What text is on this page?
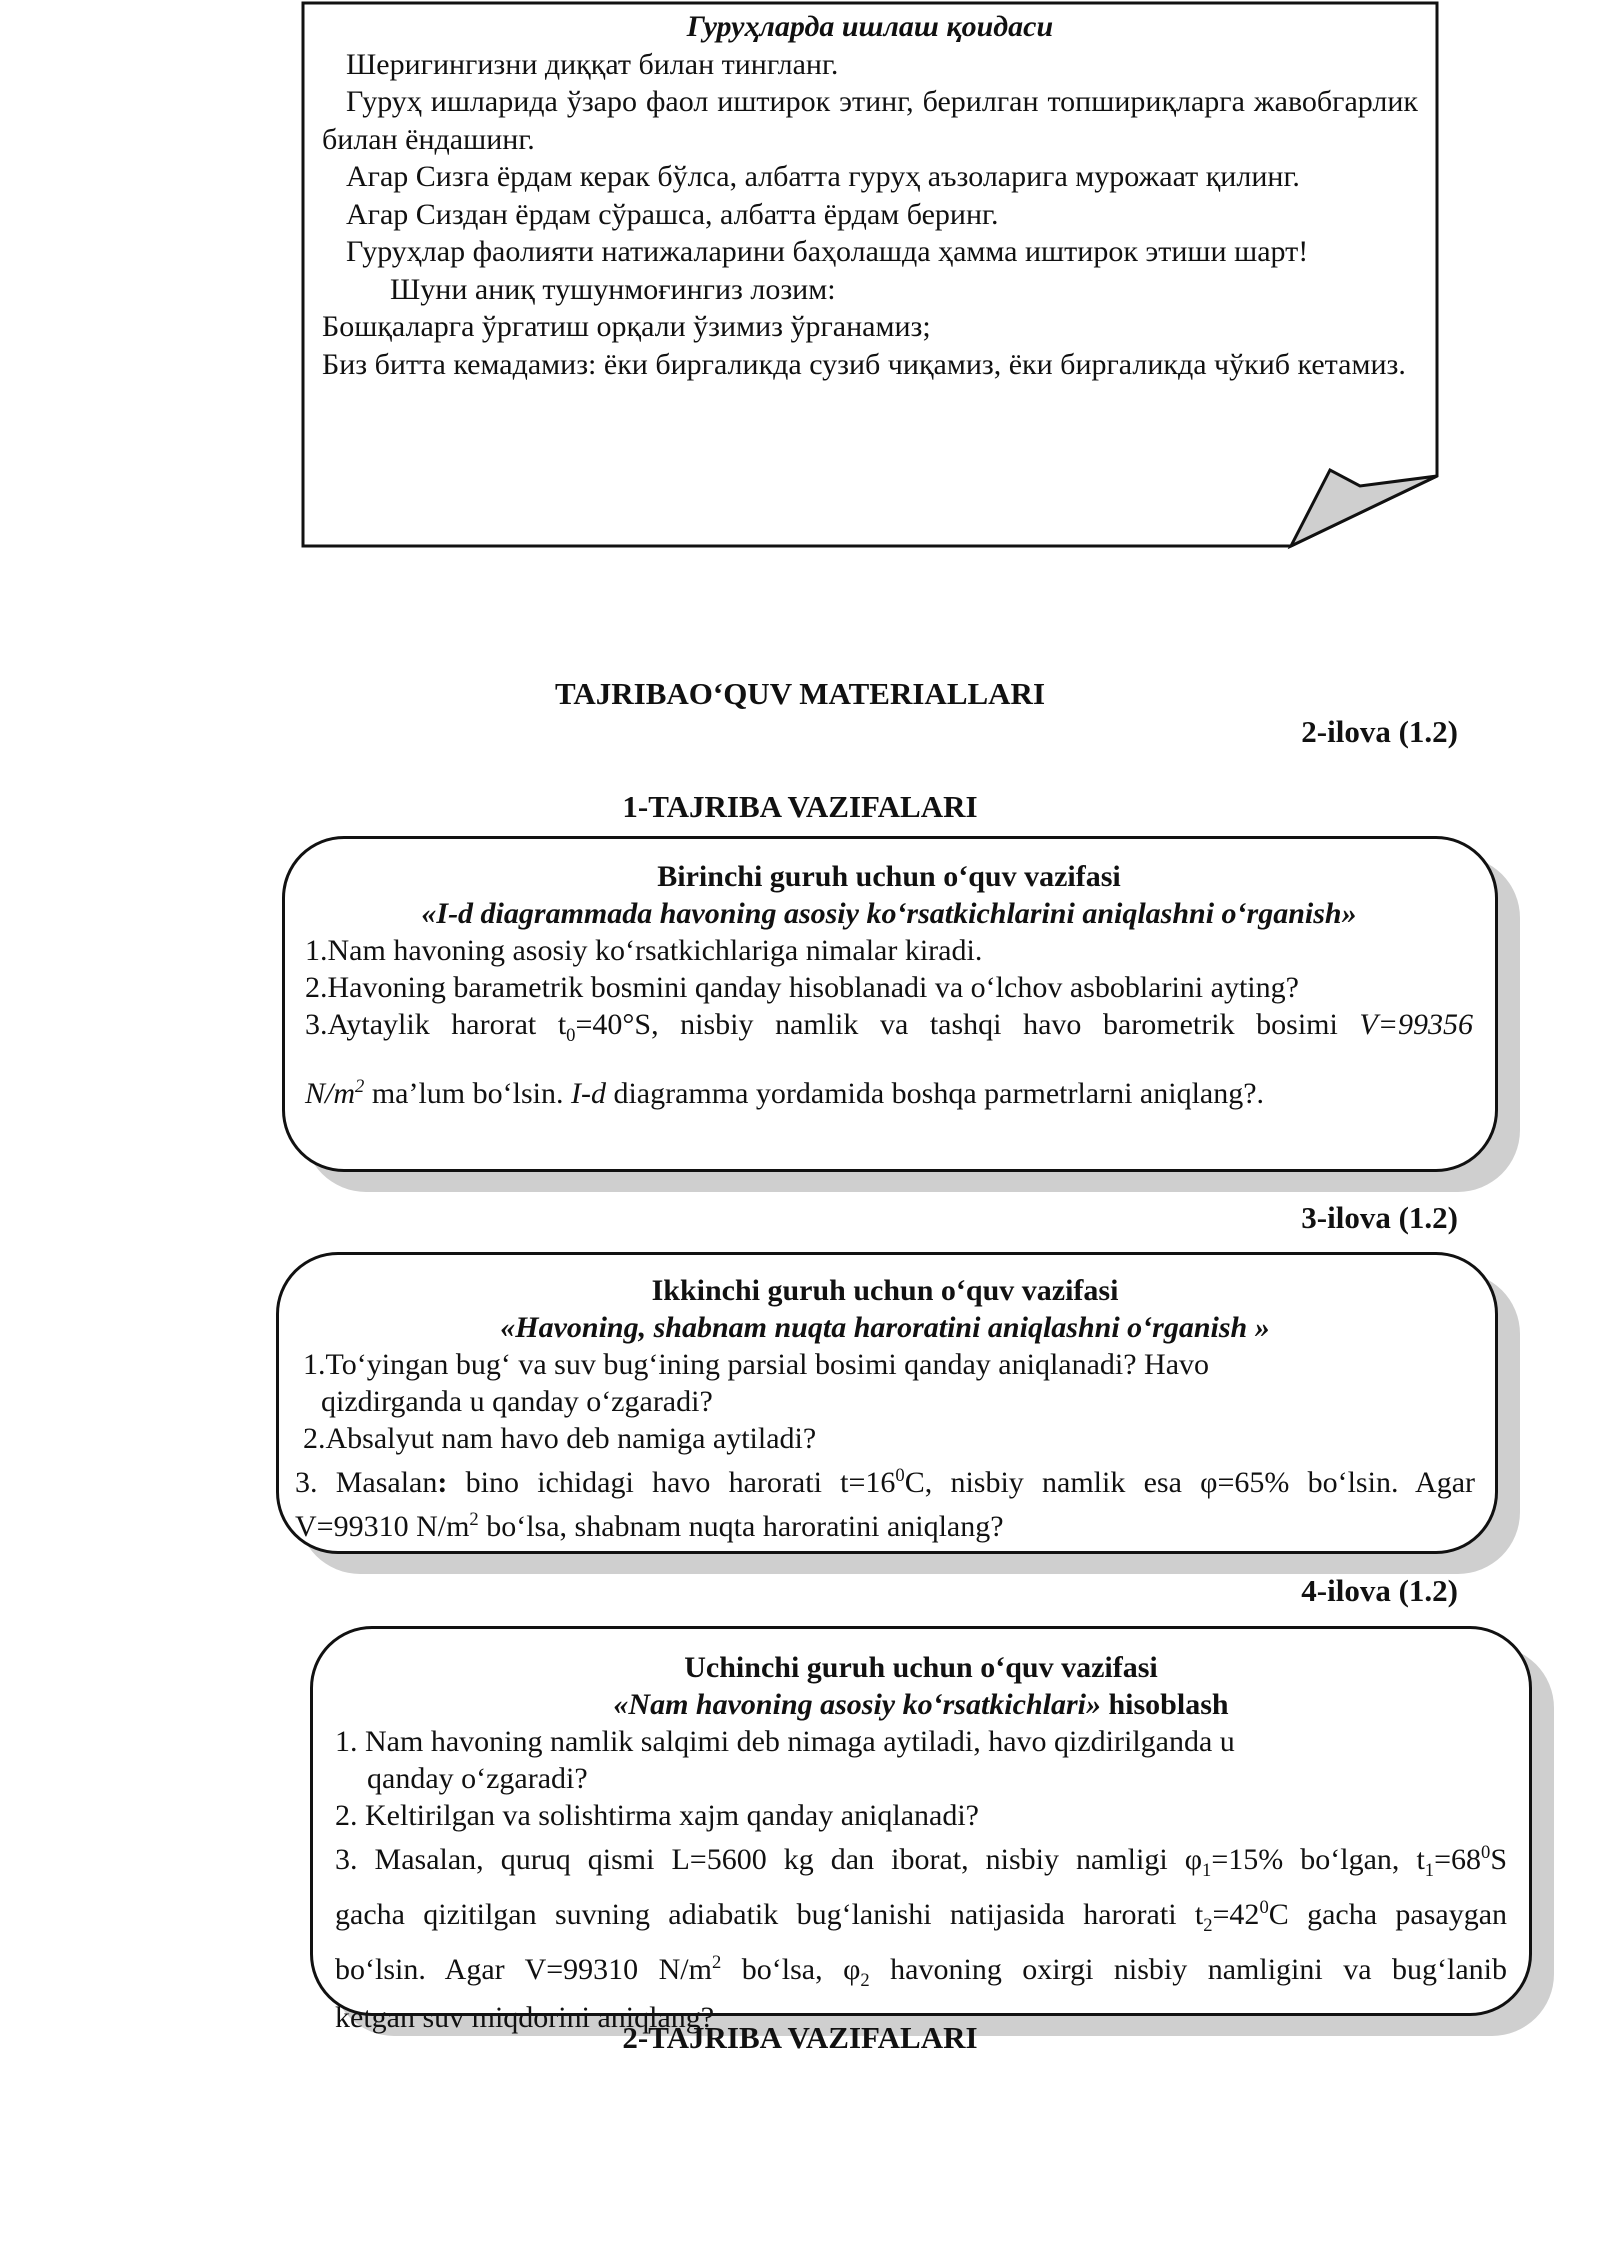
Гуруҳларда ишлаш қоидаси
Шеригингизни диққат билан тингланг.
Гуруҳ ишларида ўзаро фаол иштирок этинг, берилган топшириқларга жавобгарлик билан ёндашинг.
Агар Сизга ёрдам керак бўлса, албатта гуруҳ аъзоларига мурожаат қилинг.
Агар Сиздан ёрдам сўрашса, албатта ёрдам беринг.
Гуруҳлар фаолияти натижаларини баҳолашда ҳамма иштирок этиши шарт!
Шуни аниқ тушунмоғингиз лозим:
Бошқаларга ўргатиш орқали ўзимиз ўрганамиз;
Биз битта кемадамиз: ёки биргаликда сузиб чиқамиз, ёки биргаликда чўкиб кетамиз.
TAJRIBAO‘QUV MATERIALLARI
2-ilova (1.2)
1-TAJRIBA VAZIFALARI
Birinchi guruh uchun o‘quv vazifasi
«I-d diagrammada havoning asosiy ko‘rsatkichlarini aniqlashni o‘rganish»
1.Nam havoning asosiy ko‘rsatkichlariga nimalar kiradi.
2.Havoning barametrik bosmini qanday hisoblanadi va o‘lchov asboblarini ayting?
3.Aytaylik harorat $t_0=40^\circ S$, nisbiy namlik va tashqi havo barometrik bosimi V=99356
$N/m^2$ ma’lum bo‘lsin. I-d diagramma yordamida boshqa parmetrlarni aniqlang?.
3-ilova (1.2)
Ikkinchi guruh uchun o‘quv vazifasi
«Havoning, shabnam nuqta haroratini aniqlashni o‘rganish »
1.To‘yingan bug‘ va suv bug‘ining parsial bosimi qanday aniqlanadi? Havo
qizdirganda u qanday o‘zgaradi?
2.Absalyut nam havo deb namiga aytiladi?
3. Masalan: bino ichidagi havo harorati $t=16^0C$, nisbiy namlik esa φ=65% bo‘lsin. Agar
V=99310 $N/m^2$ bo‘lsa, shabnam nuqta haroratini aniqlang?
4-ilova (1.2)
Uchinchi guruh uchun o‘quv vazifasi
«Nam havoning asosiy ko‘rsatkichlari» hisoblash
1. Nam havoning namlik salqimi deb nimaga aytiladi, havo qizdirilganda u
qanday o‘zgaradi?
2. Keltirilgan va solishtirma xajm qanday aniqlanadi?
3. Masalan, quruq qismi L=5600 kg dan iborat, nisbiy namligi $\varphi_1=15\%$ bo‘lgan, $t_1=68^0S$
gacha qizitilgan suvning adiabatik bug‘lanishi natijasida harorati $t_2=42^0C$ gacha pasaygan
bo‘lsin. Agar V=99310 $N/m^2$ bo‘lsa, $\varphi_2$ havoning oxirgi nisbiy namligini va bug‘lanib
ketgan suv miqdorini aniqlang?
2-TAJRIBA VAZIFALARI
